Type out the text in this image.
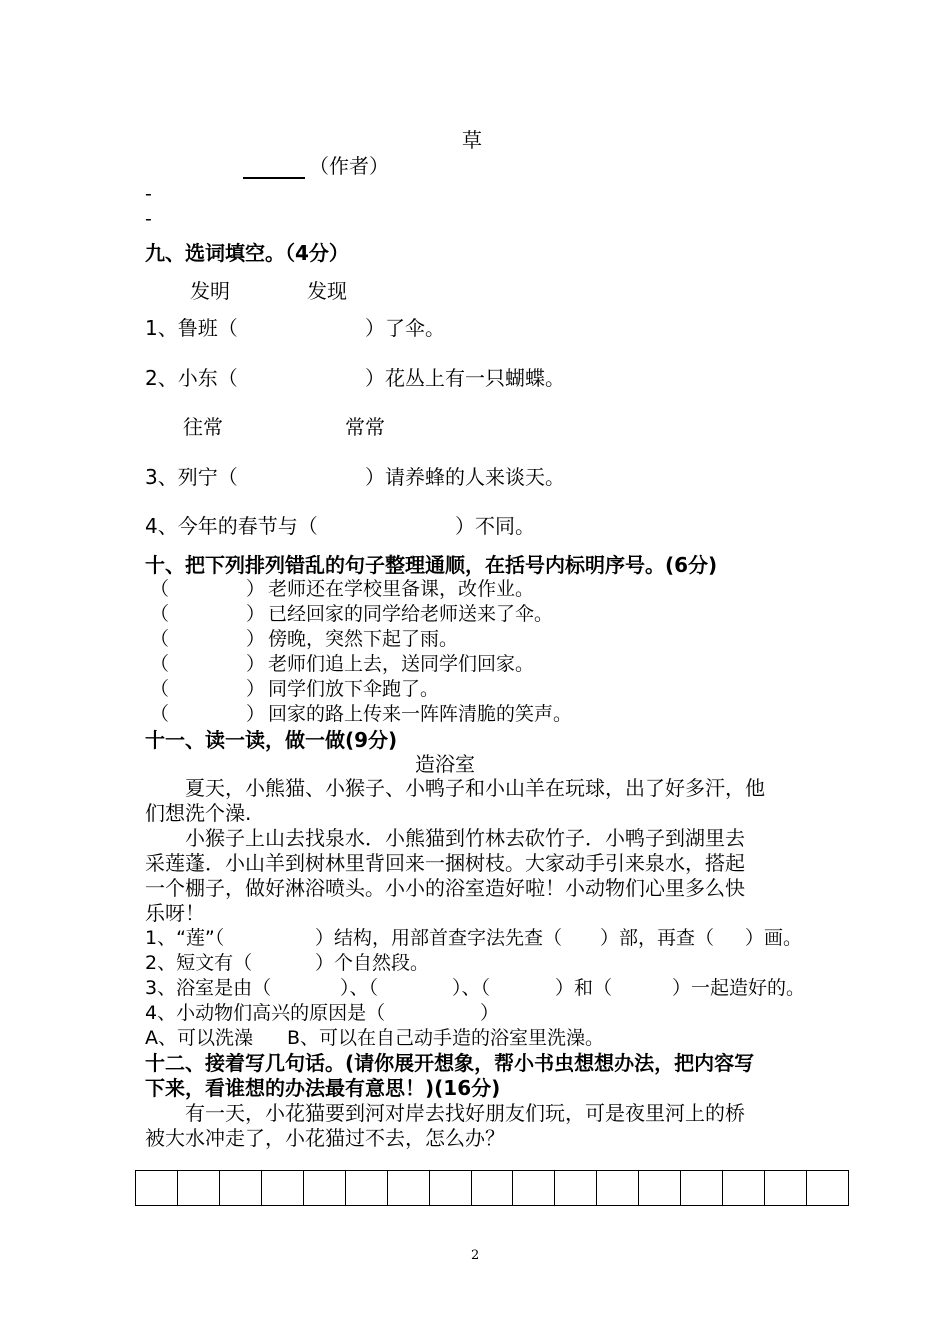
草
（作者）
-
-
九、选词填空。（4分）
发明	发现
1、鲁班（	）了伞。
2、小东（	）花丛上有一只蝴蝶。
往常	常常
3、列宁（	）请养蜂的人来谈天。
4、今年的春节与（	）不同。
十、把下列排列错乱的句子整理通顺，在括号内标明序号。(6分)
（	） 老师还在学校里备课，改作业。
（	） 已经回家的同学给老师送来了伞。
（	） 傍晚，突然下起了雨。
（	） 老师们追上去，送同学们回家。
（	） 同学们放下伞跑了。
（	） 回家的路上传来一阵阵清脆的笑声。
十一、读一读，做一做(9分)
造浴室
夏天，小熊猫、小猴子、小鸭子和小山羊在玩球，出了好多汗，他
们想洗个澡.
小猴子上山去找泉水．小熊猫到竹林去砍竹子．小鸭子到湖里去
采莲蓬．小山羊到树林里背回来一捆树枝。大家动手引来泉水，搭起
一个棚子，做好淋浴喷头。小小的浴室造好啦！小动物们心里多么快
乐呀！
1、“莲”（	）结构，用部首查字法先查（ ）部，再查（ ）画。
2、短文有（	）个自然段。
3、浴室是由（	）、（	）、（	）和（	）一起造好的。
4、小动物们高兴的原因是（	）
A、可以洗澡 B、可以在自己动手造的浴室里洗澡。
十二、接着写几句话。(请你展开想象，帮小书虫想想办法，把内容写
下来，看谁想的办法最有意思！)(16分)
有一天，小花猫要到河对岸去找好朋友们玩，可是夜里河上的桥
被大水冲走了，小花猫过不去，怎么办？
2
